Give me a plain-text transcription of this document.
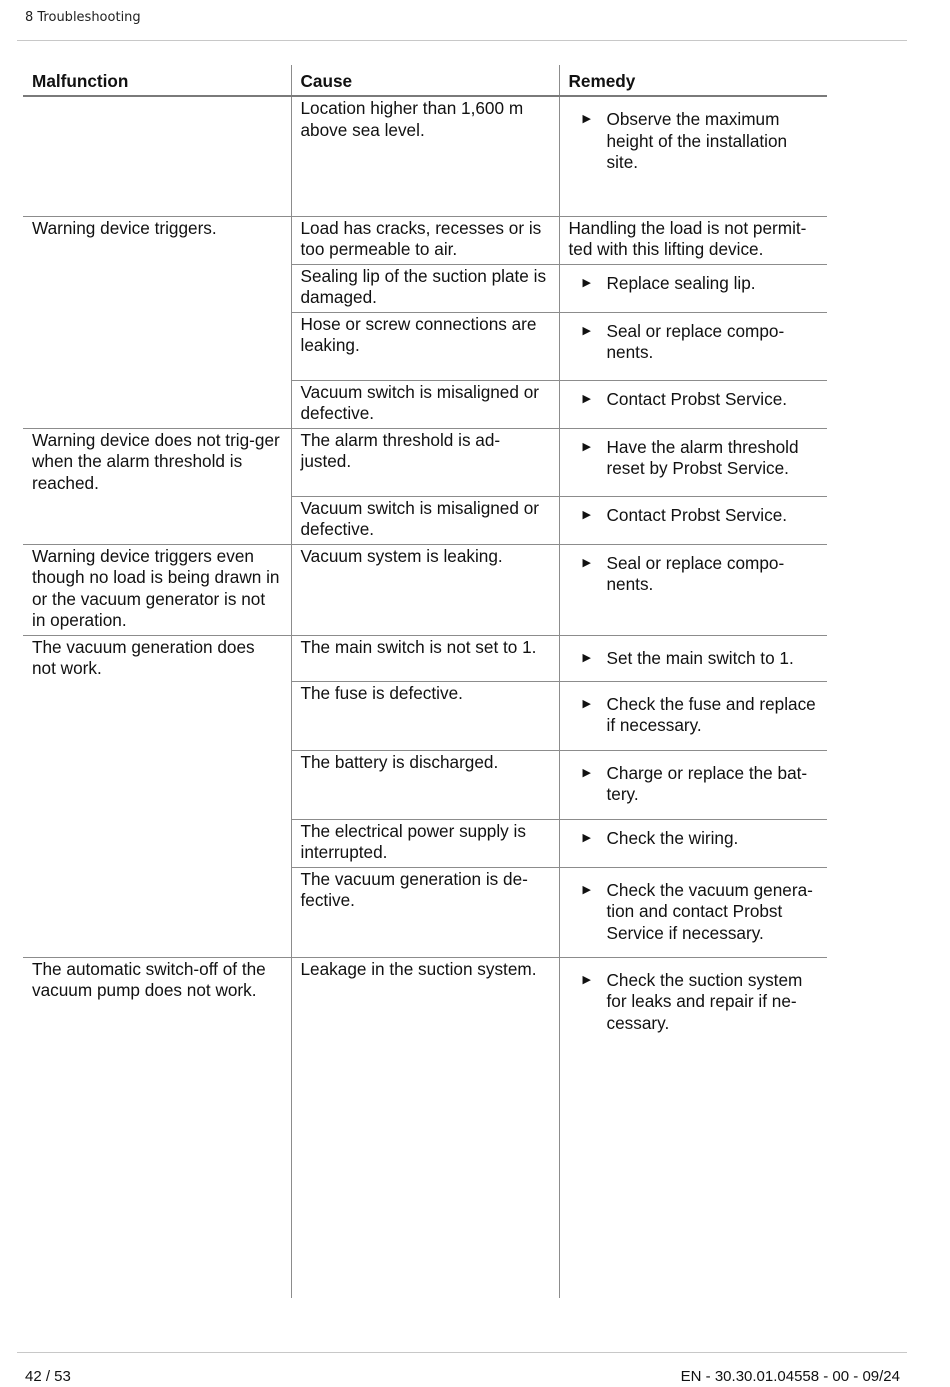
8 Troubleshooting
Malfunction	Cause	Remedy
	Location higher than 1,600 m above sea level.	▶ Observe the maximum height of the installation site.

Warning device triggers.	Load has cracks, recesses or is too permeable to air.	Handling the load is not permit-ted with this lifting device.
	Sealing lip of the suction plate is damaged.	▶ Replace sealing lip.

	Hose or screw connections are leaking.	▶ Seal or replace compo-nents.

	Vacuum switch is misaligned or defective.	▶ Contact Probst Service.

Warning device does not trig-ger when the alarm threshold is reached.	The alarm threshold is ad-justed.	▶ Have the alarm threshold reset by Probst Service.

	Vacuum switch is misaligned or defective.	▶ Contact Probst Service.

Warning device triggers even though no load is being drawn in or the vacuum generator is not in operation.	Vacuum system is leaking.	▶ Seal or replace compo-nents.

The vacuum generation does not work.	The main switch is not set to 1.	▶ Set the main switch to 1.

	The fuse is defective.	▶ Check the fuse and replace if necessary.

	The battery is discharged.	▶ Charge or replace the bat-tery.

	The electrical power supply is interrupted.	▶ Check the wiring.

	The vacuum generation is de-fective.	▶ Check the vacuum genera-tion and contact Probst Service if necessary.

The automatic switch-off of the vacuum pump does not work.	Leakage in the suction system.	▶ Check the suction system for leaks and repair if ne-cessary.
42 / 53	EN - 30.30.01.04558 - 00 - 09/24
